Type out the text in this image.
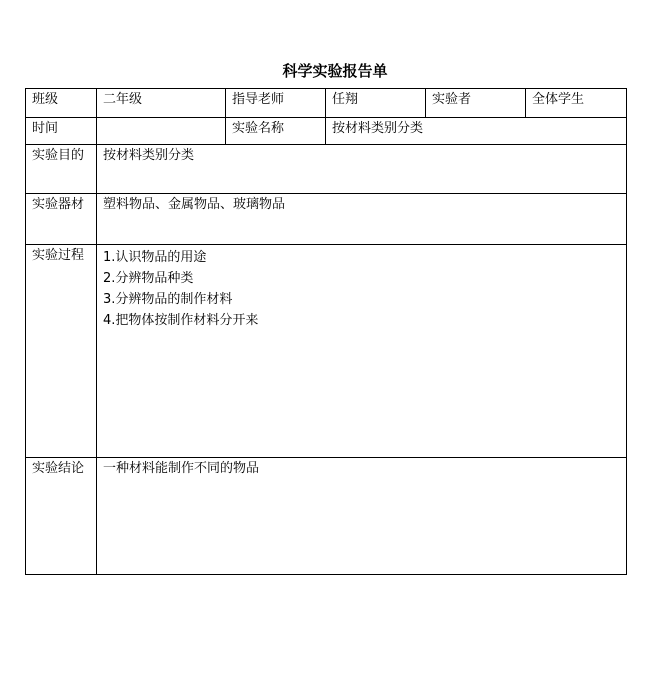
科学实验报告单
班级	二年级	指导老师	任翔	实验者	全体学生
时间		实验名称	按材料类别分类		
实验目的	按材料类别分类				
实验器材	塑料物品、金属物品、玻璃物品				
实验过程	1.认识物品的用途
2.分辨物品种类
3.分辨物品的制作材料
4.把物体按制作材料分开来				

实验结论	一种材料能制作不同的物品				
